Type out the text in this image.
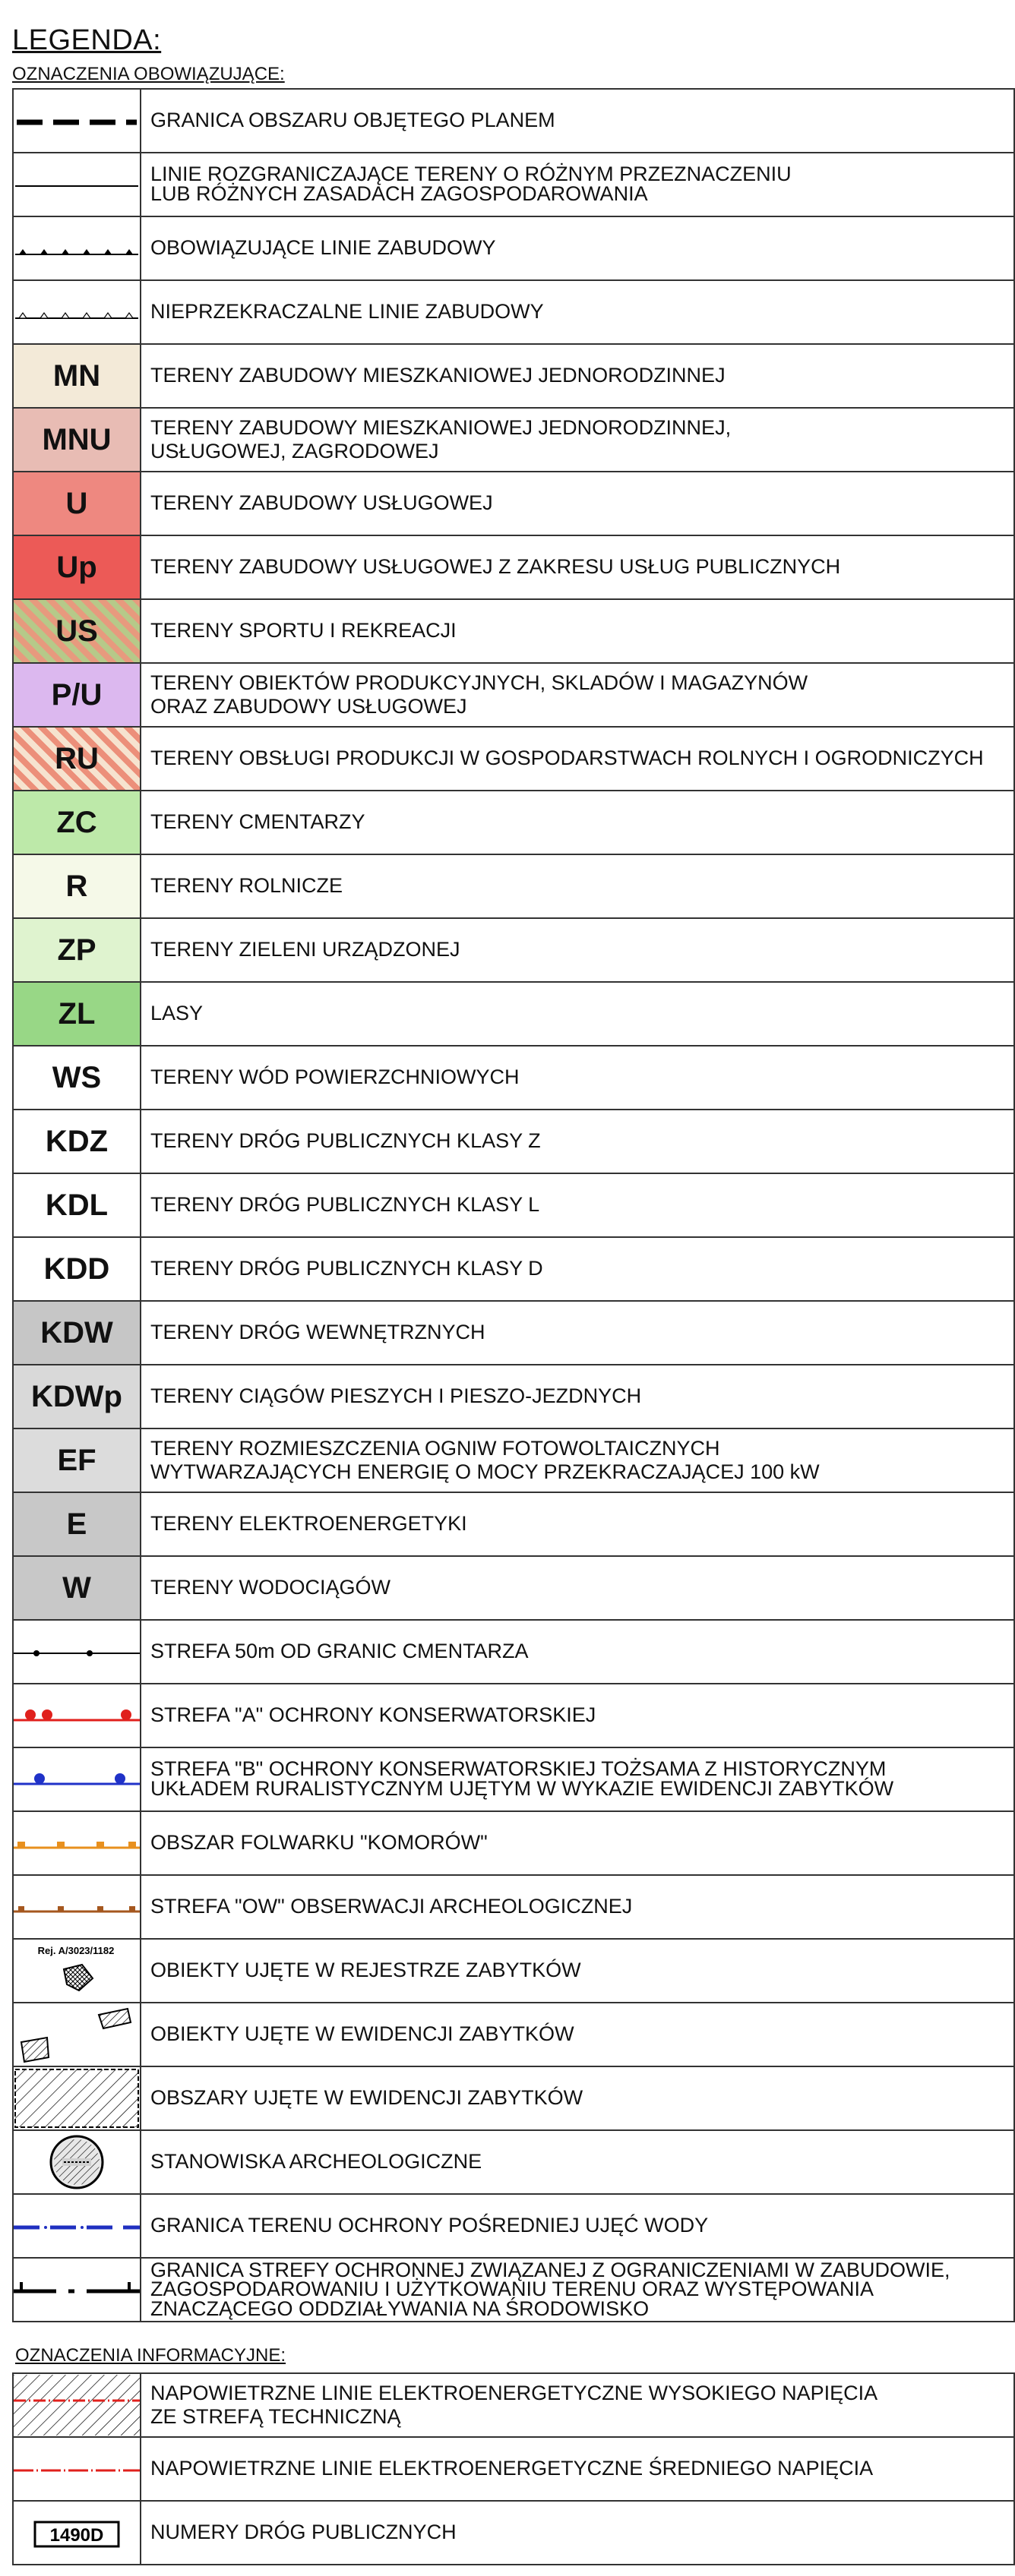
LEGENDA:
OZNACZENIA OBOWIĄZUJĄCE:
	GRANICA OBSZARU OBJĘTEGO PLANEM

	LINIE ROZGRANICZAJĄCE TERENY O RÓŻNYM PRZEZNACZENIU
LUB RÓŻNYCH ZASADACH ZAGOSPODAROWANIA

	OBOWIĄZUJĄCE LINIE ZABUDOWY

	NIEPRZEKRACZALNE LINIE ZABUDOWY
MN	TERENY ZABUDOWY MIESZKANIOWEJ JEDNORODZINNEJ
MNU	TERENY ZABUDOWY MIESZKANIOWEJ JEDNORODZINNEJ,
USŁUGOWEJ, ZAGRODOWEJ
U	TERENY ZABUDOWY USŁUGOWEJ
Up	TERENY ZABUDOWY USŁUGOWEJ Z ZAKRESU USŁUG PUBLICZNYCH
US	TERENY SPORTU I REKREACJI
P/U	TERENY OBIEKTÓW PRODUKCYJNYCH, SKLADÓW I MAGAZYNÓW
ORAZ ZABUDOWY USŁUGOWEJ
RU	TERENY OBSŁUGI PRODUKCJI W GOSPODARSTWACH ROLNYCH I OGRODNICZYCH
ZC	TERENY CMENTARZY
R	TERENY ROLNICZE
ZP	TERENY ZIELENI URZĄDZONEJ
ZL	LASY
WS	TERENY WÓD POWIERZCHNIOWYCH
KDZ	TERENY DRÓG PUBLICZNYCH KLASY Z
KDL	TERENY DRÓG PUBLICZNYCH KLASY L
KDD	TERENY DRÓG PUBLICZNYCH KLASY D
KDW	TERENY DRÓG WEWNĘTRZNYCH
KDWp	TERENY CIĄGÓW PIESZYCH I PIESZO-JEZDNYCH
EF	TERENY ROZMIESZCZENIA OGNIW FOTOWOLTAICZNYCH
WYTWARZAJĄCYCH ENERGIĘ O MOCY PRZEKRACZAJĄCEJ 100 kW
E	TERENY ELEKTROENERGETYKI
W	TERENY WODOCIĄGÓW

	STREFA 50m OD GRANIC CMENTARZA

	STREFA "A" OCHRONY KONSERWATORSKIEJ

	STREFA "B" OCHRONY KONSERWATORSKIEJ TOŻSAMA Z HISTORYCZNYM
UKŁADEM RURALISTYCZNYM UJĘTYM W WYKAZIE EWIDENCJI ZABYTKÓW

	OBSZAR FOLWARKU "KOMORÓW"

	STREFA "OW" OBSERWACJI ARCHEOLOGICZNEJ

Rej. A/3023/1182	OBIEKTY UJĘTE W REJESTRZE ZABYTKÓW

	OBIEKTY UJĘTE W EWIDENCJI ZABYTKÓW

	OBSZARY UJĘTE W EWIDENCJI ZABYTKÓW

	STANOWISKA ARCHEOLOGICZNE

	GRANICA TERENU OCHRONY POŚREDNIEJ UJĘĆ WODY

	GRANICA STREFY OCHRONNEJ ZWIĄZANEJ Z OGRANICZENIAMI W ZABUDOWIE,
ZAGOSPODAROWANIU I UŻYTKOWANIU TERENU ORAZ WYSTĘPOWANIA
ZNACZĄCEGO ODDZIAŁYWANIA NA ŚRODOWISKO
OZNACZENIA INFORMACYJNE:
	NAPOWIETRZNE LINIE ELEKTROENERGETYCZNE WYSOKIEGO NAPIĘCIA
ZE STREFĄ TECHNICZNĄ

	NAPOWIETRZNE LINIE ELEKTROENERGETYCZNE ŚREDNIEGO NAPIĘCIA

1490D	NUMERY DRÓG PUBLICZNYCH
